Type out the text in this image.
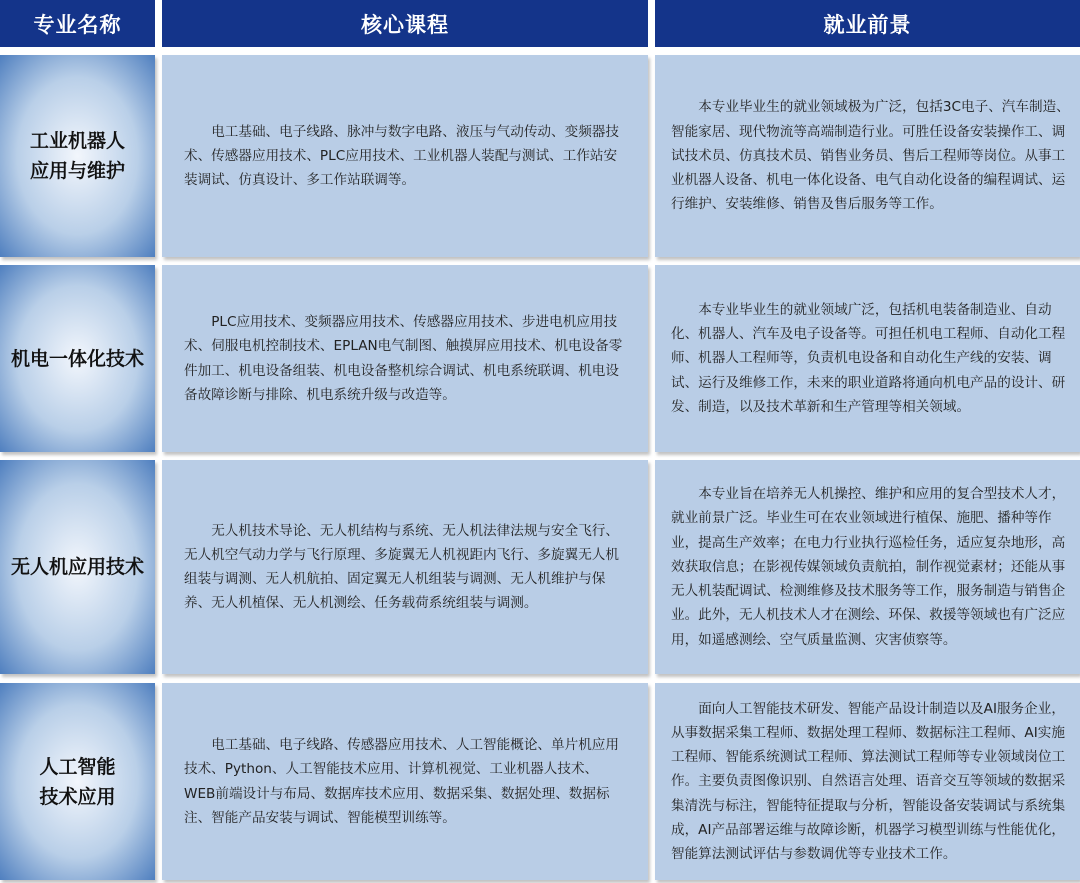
专业名称	核心课程	就业前景
工业机器人
应用与维护
电工基础、电子线路、脉冲与数字电路、液压与气动传动、变频器技术、传感器应用技术、PLC应用技术、工业机器人装配与测试、工作站安装调试、仿真设计、多工作站联调等。
本专业毕业生的就业领域极为广泛，包括3C电子、汽车制造、智能家居、现代物流等高端制造行业。可胜任设备安装操作工、调试技术员、仿真技术员、销售业务员、售后工程师等岗位。从事工业机器人设备、机电一体化设备、电气自动化设备的编程调试、运行维护、安装维修、销售及售后服务等工作。
机电一体化技术
PLC应用技术、变频器应用技术、传感器应用技术、步进电机应用技术、伺服电机控制技术、EPLAN电气制图、触摸屏应用技术、机电设备零件加工、机电设备组装、机电设备整机综合调试、机电系统联调、机电设备故障诊断与排除、机电系统升级与改造等。
本专业毕业生的就业领域广泛，包括机电装备制造业、自动化、机器人、汽车及电子设备等。可担任机电工程师、自动化工程师、机器人工程师等，负责机电设备和自动化生产线的安装、调试、运行及维修工作，未来的职业道路将通向机电产品的设计、研发、制造，以及技术革新和生产管理等相关领域。
无人机应用技术
无人机技术导论、无人机结构与系统、无人机法律法规与安全飞行、无人机空气动力学与飞行原理、多旋翼无人机视距内飞行、多旋翼无人机组装与调测、无人机航拍、固定翼无人机组装与调测、无人机维护与保养、无人机植保、无人机测绘、任务载荷系统组装与调测。
本专业旨在培养无人机操控、维护和应用的复合型技术人才，就业前景广泛。毕业生可在农业领域进行植保、施肥、播种等作业，提高生产效率；在电力行业执行巡检任务，适应复杂地形，高效获取信息；在影视传媒领域负责航拍，制作视觉素材；还能从事无人机装配调试、检测维修及技术服务等工作，服务制造与销售企业。此外，无人机技术人才在测绘、环保、救援等领域也有广泛应用，如遥感测绘、空气质量监测、灾害侦察等。
人工智能
技术应用
电工基础、电子线路、传感器应用技术、人工智能概论、单片机应用技术、Python、人工智能技术应用、计算机视觉、工业机器人技术、WEB前端设计与布局、数据库技术应用、数据采集、数据处理、数据标注、智能产品安装与调试、智能模型训练等。
面向人工智能技术研发、智能产品设计制造以及AI服务企业，从事数据采集工程师、数据处理工程师、数据标注工程师、AI实施工程师、智能系统测试工程师、算法测试工程师等专业领域岗位工作。主要负责图像识别、自然语言处理、语音交互等领域的数据采集清洗与标注，智能特征提取与分析，智能设备安装调试与系统集成，AI产品部署运维与故障诊断，机器学习模型训练与性能优化，智能算法测试评估与参数调优等专业技术工作。
